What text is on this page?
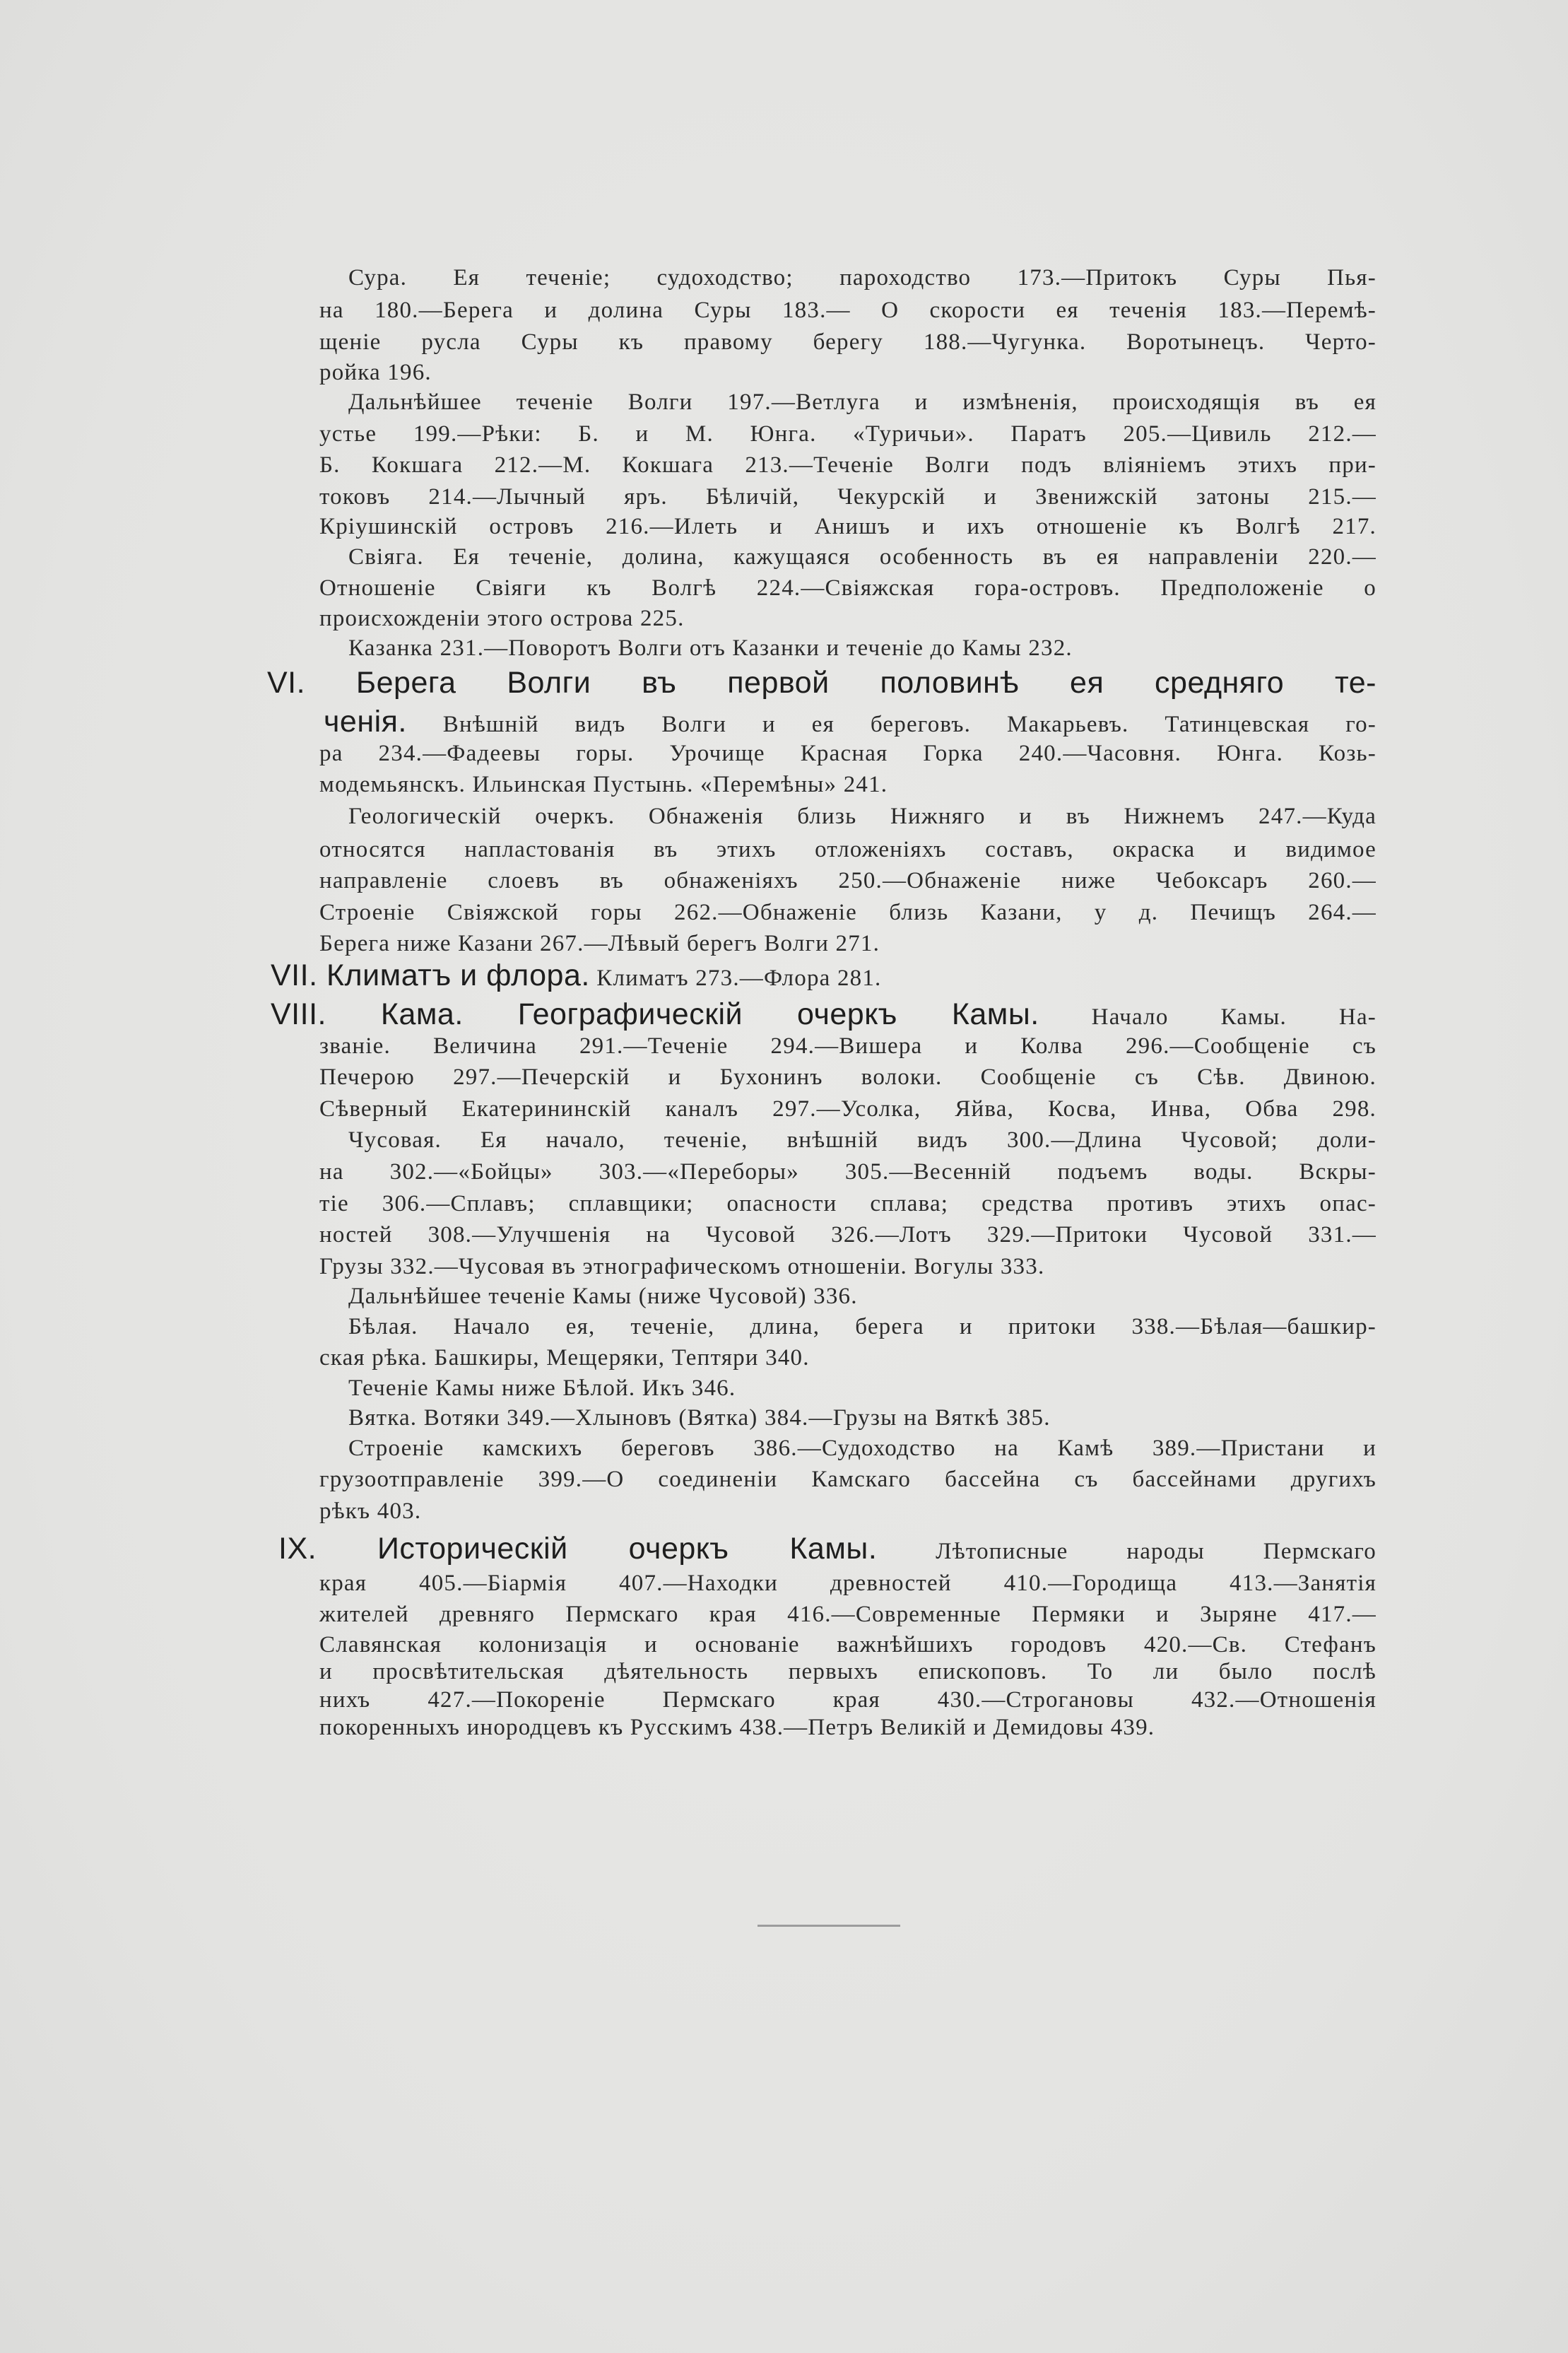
Сура. Ея теченіе; судоходство; пароходство 173.—Притокъ Суры Пья-
на 180.—Берега и долина Суры 183.— О скорости ея теченія 183.—Перемѣ-
щеніе русла Суры къ правому берегу 188.—Чугунка. Воротынецъ. Черто-
ройка 196.
Дальнѣйшее теченіе Волги 197.—Ветлуга и измѣненія, происходящія въ ея
устье 199.—Рѣки: Б. и М. Юнга. «Туричьи». Паратъ 205.—Цивиль 212.—
Б. Кокшага 212.—М. Кокшага 213.—Теченіе Волги подъ вліяніемъ этихъ при-
токовъ 214.—Лычный яръ. Бѣличій, Чекурскій и Звенижскій затоны 215.—
Кріушинскій островъ 216.—Илеть и Анишъ и ихъ отношеніе къ Волгѣ 217.
Свіяга. Ея теченіе, долина, кажущаяся особенность въ ея направленіи 220.—
Отношеніе Свіяги къ Волгѣ 224.—Свіяжская гора-островъ. Предположеніе о
происхожденіи этого острова 225.
Казанка 231.—Поворотъ Волги отъ Казанки и теченіе до Камы 232.
VI. Берега Волги въ первой половинѣ ея средняго те-
ченія. Внѣшній видъ Волги и ея береговъ. Макарьевъ. Татинцевская го-
ра 234.—Фадеевы горы. Урочище Красная Горка 240.—Часовня. Юнга. Козь-
модемьянскъ. Ильинская Пустынь. «Перемѣны» 241.
Геологическій очеркъ. Обнаженія близь Нижняго и въ Нижнемъ 247.—Куда
относятся напластованія въ этихъ отложеніяхъ составъ, окраска и видимое
направленіе слоевъ въ обнаженіяхъ 250.—Обнаженіе ниже Чебоксаръ 260.—
Строеніе Свіяжской горы 262.—Обнаженіе близь Казани, у д. Печищъ 264.—
Берега ниже Казани 267.—Лѣвый берегъ Волги 271.
VII. Климатъ и флора. Климатъ 273.—Флора 281.
VIII. Кама. Географическій очеркъ Камы. Начало Камы. На-
званіе. Величина 291.—Теченіе 294.—Вишера и Колва 296.—Сообщеніе съ
Печерою 297.—Печерскій и Бухонинъ волоки. Сообщеніе съ Сѣв. Двиною.
Сѣверный Екатерининскій каналъ 297.—Усолка, Яйва, Косва, Инва, Обва 298.
Чусовая. Ея начало, теченіе, внѣшній видъ 300.—Длина Чусовой; доли-
на 302.—«Бойцы» 303.—«Переборы» 305.—Весенній подъемъ воды. Вскры-
тіе 306.—Сплавъ; сплавщики; опасности сплава; средства противъ этихъ опас-
ностей 308.—Улучшенія на Чусовой 326.—Лотъ 329.—Притоки Чусовой 331.—
Грузы 332.—Чусовая въ этнографическомъ отношеніи. Вогулы 333.
Дальнѣйшее теченіе Камы (ниже Чусовой) 336.
Бѣлая. Начало ея, теченіе, длина, берега и притоки 338.—Бѣлая—башкир-
ская рѣка. Башкиры, Мещеряки, Тептяри 340.
Теченіе Камы ниже Бѣлой. Икъ 346.
Вятка. Вотяки 349.—Хлыновъ (Вятка) 384.—Грузы на Вяткѣ 385.
Строеніе камскихъ береговъ 386.—Судоходство на Камѣ 389.—Пристани и
грузоотправленіе 399.—О соединеніи Камскаго бассейна съ бассейнами другихъ
рѣкъ 403.
IX. Историческій очеркъ Камы. Лѣтописные народы Пермскаго
края 405.—Біармія 407.—Находки древностей 410.—Городища 413.—Занятія
жителей древняго Пермскаго края 416.—Современные Пермяки и Зыряне 417.—
Славянская колонизація и основаніе важнѣйшихъ городовъ 420.—Св. Стефанъ
и просвѣтительская дѣятельность первыхъ епископовъ. То ли было послѣ
нихъ 427.—Покореніе Пермскаго края 430.—Строгановы 432.—Отношенія
покоренныхъ инородцевъ къ Русскимъ 438.—Петръ Великій и Демидовы 439.
